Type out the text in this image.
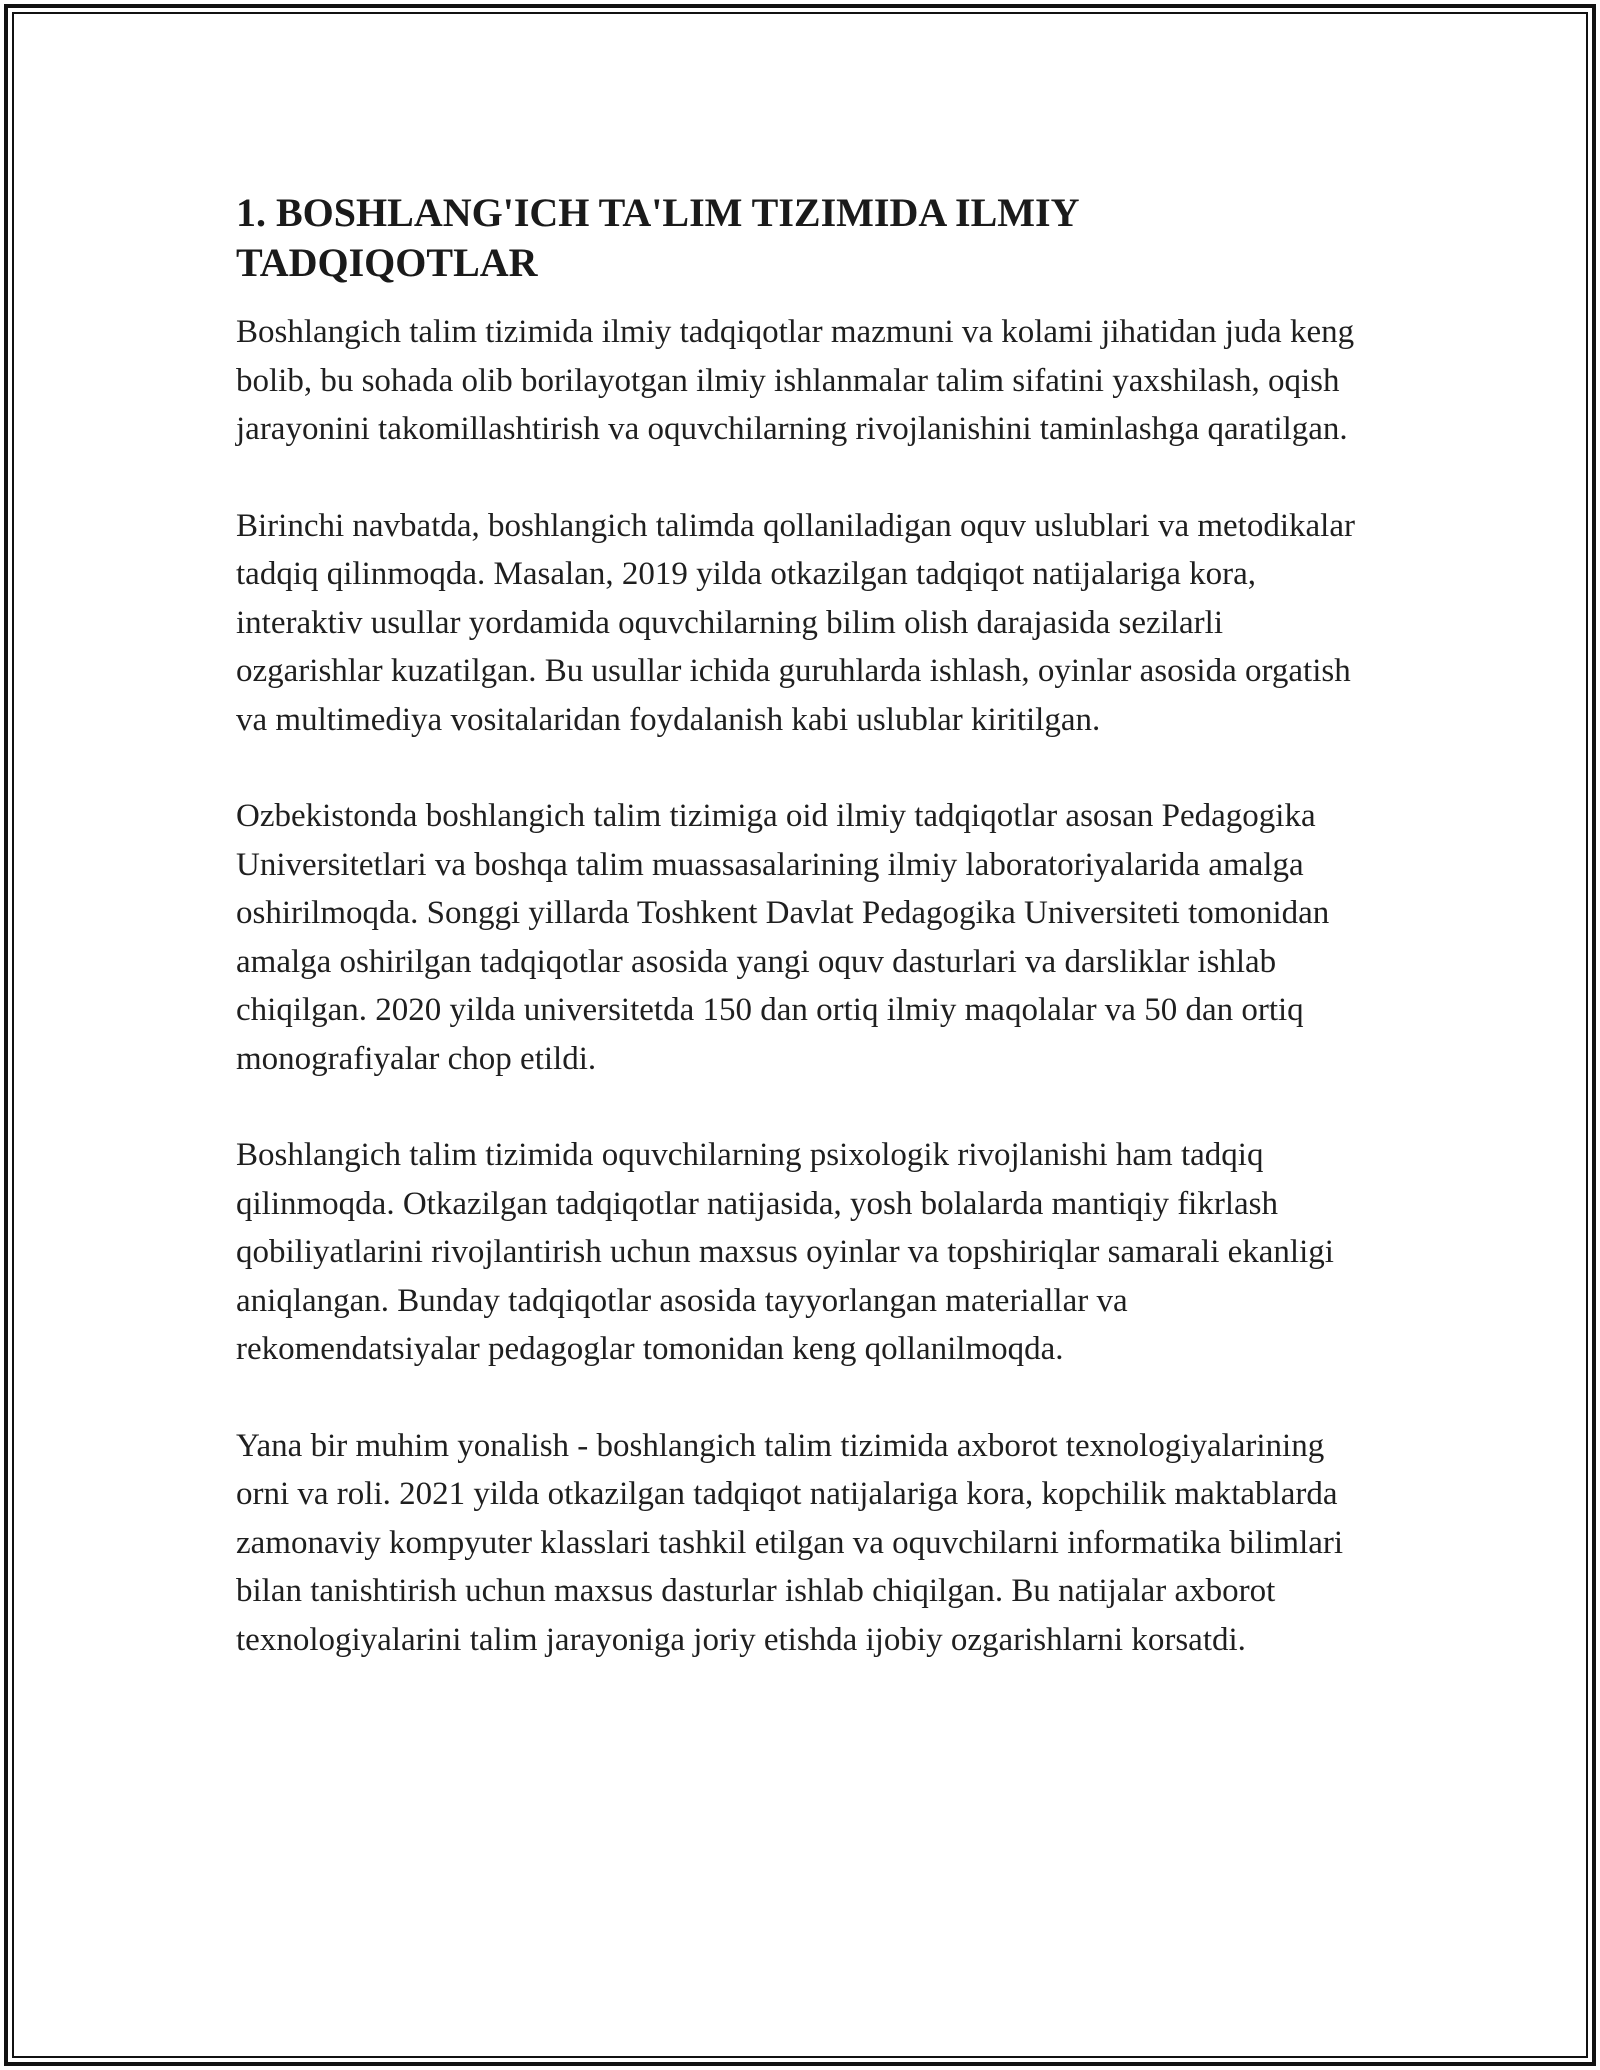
1. BOSHLANG'ICH TA'LIM TIZIMIDA ILMIY TADQIQOTLAR

Boshlangich talim tizimida ilmiy tadqiqotlar mazmuni va kolami jihatidan juda keng bolib, bu sohada olib borilayotgan ilmiy ishlanmalar talim sifatini yaxshilash, oqish jarayonini takomillashtirish va oquvchilarning rivojlanishini taminlashga qaratilgan.

Birinchi navbatda, boshlangich talimda qollaniladigan oquv uslublari va metodikalar tadqiq qilinmoqda. Masalan, 2019 yilda otkazilgan tadqiqot natijalariga kora, interaktiv usullar yordamida oquvchilarning bilim olish darajasida sezilarli ozgarishlar kuzatilgan. Bu usullar ichida guruhlarda ishlash, oyinlar asosida orgatish va multimediya vositalaridan foydalanish kabi uslublar kiritilgan.

Ozbekistonda boshlangich talim tizimiga oid ilmiy tadqiqotlar asosan Pedagogika Universitetlari va boshqa talim muassasalarining ilmiy laboratoriyalarida amalga oshirilmoqda. Songgi yillarda Toshkent Davlat Pedagogika Universiteti tomonidan amalga oshirilgan tadqiqotlar asosida yangi oquv dasturlari va darsliklar ishlab chiqilgan. 2020 yilda universitetda 150 dan ortiq ilmiy maqolalar va 50 dan ortiq monografiyalar chop etildi.

Boshlangich talim tizimida oquvchilarning psixologik rivojlanishi ham tadqiq qilinmoqda. Otkazilgan tadqiqotlar natijasida, yosh bolalarda mantiqiy fikrlash qobiliyatlarini rivojlantirish uchun maxsus oyinlar va topshiriqlar samarali ekanligi aniqlangan. Bunday tadqiqotlar asosida tayyorlangan materiallar va rekomendatsiyalar pedagoglar tomonidan keng qollanilmoqda.

Yana bir muhim yonalish - boshlangich talim tizimida axborot texnologiyalarining orni va roli. 2021 yilda otkazilgan tadqiqot natijalariga kora, kopchilik maktablarda zamonaviy kompyuter klasslari tashkil etilgan va oquvchilarni informatika bilimlari bilan tanishtirish uchun maxsus dasturlar ishlab chiqilgan. Bu natijalar axborot texnologiyalarini talim jarayoniga joriy etishda ijobiy ozgarishlarni korsatdi.
